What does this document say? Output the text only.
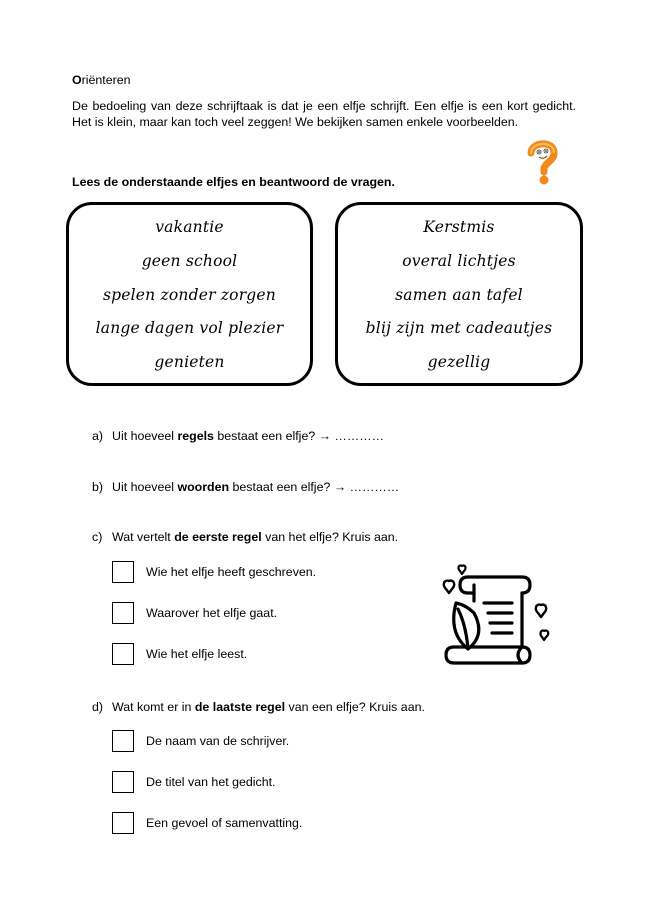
Oriënteren
De bedoeling van deze schrijftaak is dat je een elfje schrijft. Een elfje is een kort gedicht. Het is klein, maar kan toch veel zeggen! We bekijken samen enkele voorbeelden.
Lees de onderstaande elfjes en beantwoord de vragen.
vakantie
geen school
spelen zonder zorgen
lange dagen vol plezier
genieten
Kerstmis
overal lichtjes
samen aan tafel
blij zijn met cadeautjes
gezellig
a) Uit hoeveel regels bestaat een elfje? → …………
b) Uit hoeveel woorden bestaat een elfje? → …………
c) Wat vertelt de eerste regel van het elfje? Kruis aan.
Wie het elfje heeft geschreven.
Waarover het elfje gaat.
Wie het elfje leest.
d) Wat komt er in de laatste regel van een elfje? Kruis aan.
De naam van de schrijver.
De titel van het gedicht.
Een gevoel of samenvatting.
